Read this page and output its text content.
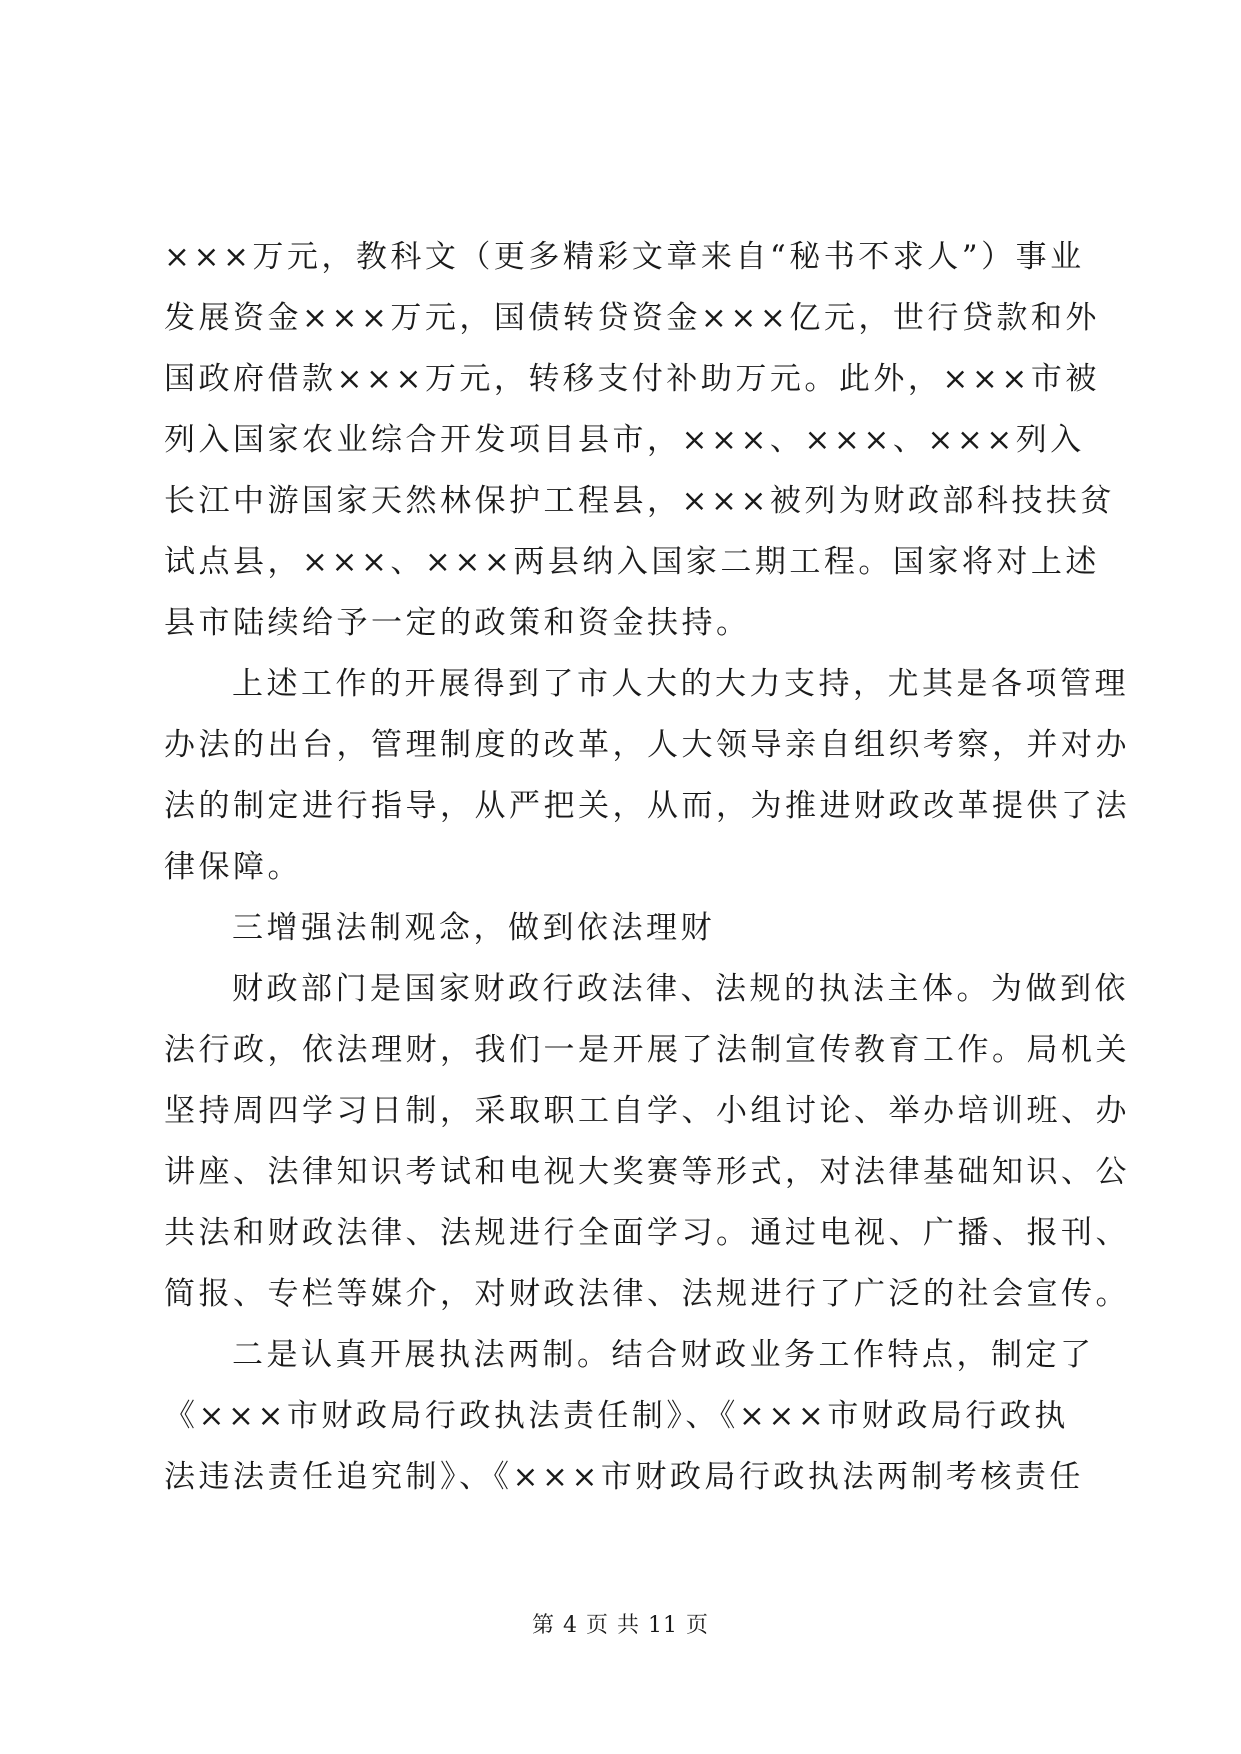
×××万元，教科文（更多精彩文章来自“秘书不求人”）事业
发展资金×××万元，国债转贷资金×××亿元，世行贷款和外
国政府借款×××万元，转移支付补助万元。此外，×××市被
列入国家农业综合开发项目县市，×××、×××、×××列入
长江中游国家天然林保护工程县，×××被列为财政部科技扶贫
试点县，×××、×××两县纳入国家二期工程。国家将对上述
县市陆续给予一定的政策和资金扶持。
上述工作的开展得到了市人大的大力支持，尤其是各项管理
办法的出台，管理制度的改革，人大领导亲自组织考察，并对办
法的制定进行指导，从严把关，从而，为推进财政改革提供了法
律保障。
三增强法制观念，做到依法理财
财政部门是国家财政行政法律、法规的执法主体。为做到依
法行政，依法理财，我们一是开展了法制宣传教育工作。局机关
坚持周四学习日制，采取职工自学、小组讨论、举办培训班、办
讲座、法律知识考试和电视大奖赛等形式，对法律基础知识、公
共法和财政法律、法规进行全面学习。通过电视、广播、报刊、
简报、专栏等媒介，对财政法律、法规进行了广泛的社会宣传。
二是认真开展执法两制。结合财政业务工作特点，制定了
《×××市财政局行政执法责任制》、《×××市财政局行政执
法违法责任追究制》、《×××市财政局行政执法两制考核责任
第 4 页 共 11 页
